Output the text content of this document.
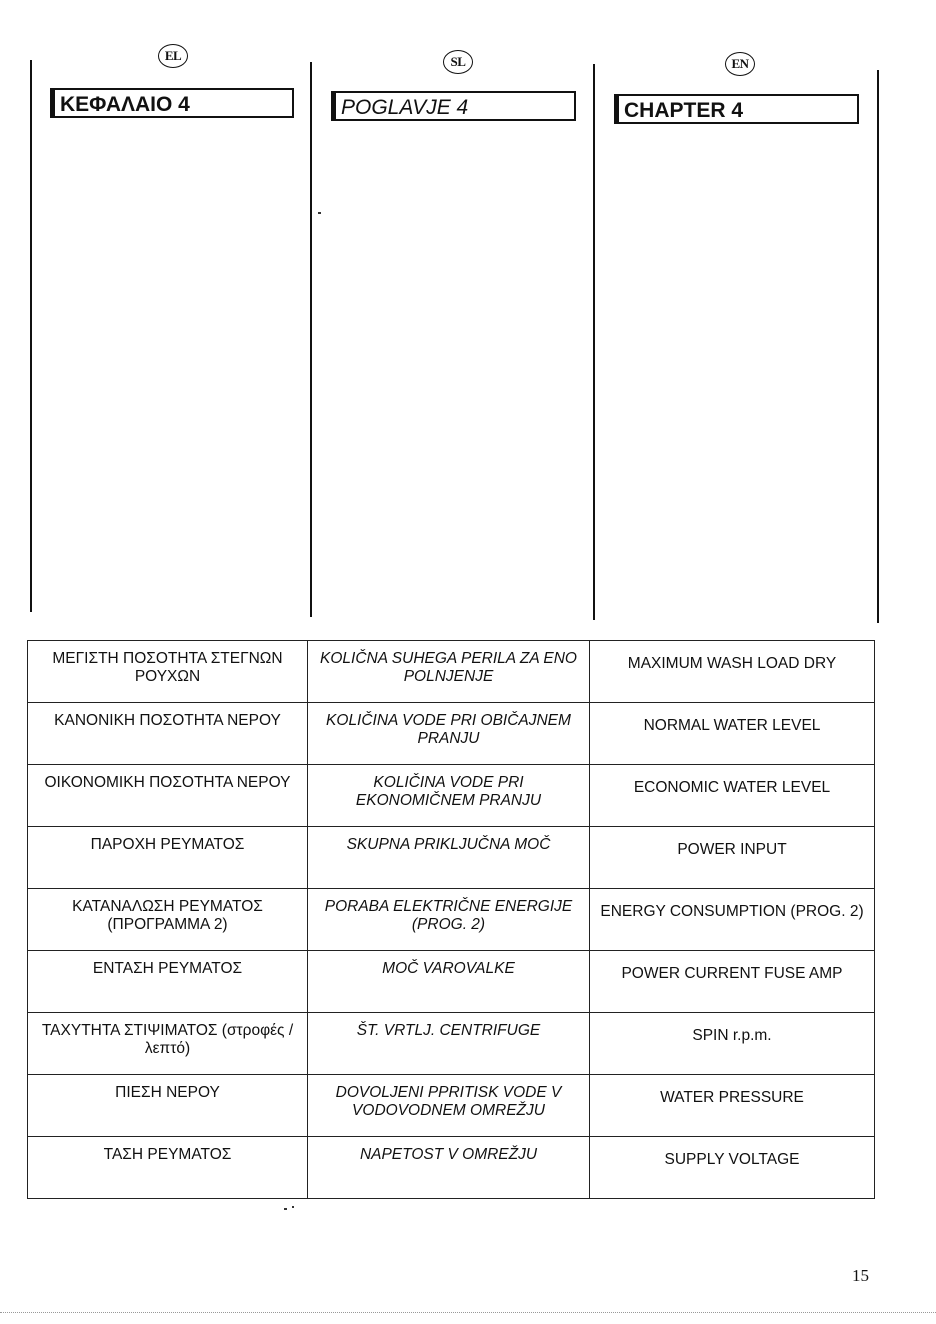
EL	SL	EN
ΚΕΦΑΛΑΙΟ 4	POGLAVJE 4	CHAPTER 4
ΜΕΓΙΣΤΗ ΠΟΣΟΤΗΤΑ ΣΤΕΓΝΩΝ ΡΟΥΧΩΝ	KOLIČNA SUHEGA PERILA ZA ENO POLNJENJE	MAXIMUM WASH LOAD DRY
ΚΑΝΟΝΙΚΗ ΠΟΣΟΤΗΤΑ ΝΕΡΟΥ	KOLIČINA VODE PRI OBIČAJNEM PRANJU	NORMAL WATER LEVEL
ΟΙΚΟΝΟΜΙΚΗ ΠΟΣΟΤΗΤΑ ΝΕΡΟΥ	KOLIČINA VODE PRI EKONOMIČNEM PRANJU	ECONOMIC WATER LEVEL
ΠΑΡΟΧΗ ΡΕΥΜΑΤΟΣ	SKUPNA PRIKLJUČNA MOČ	POWER INPUT
ΚΑΤΑΝΑΛΩΣΗ ΡΕΥΜΑΤΟΣ (ΠΡΟΓΡΑΜΜΑ 2)	PORABA ELEKTRIČNE ENERGIJE (PROG. 2)	ENERGY CONSUMPTION (PROG. 2)
ΕΝΤΑΣΗ ΡΕΥΜΑΤΟΣ	MOČ VAROVALKE	POWER CURRENT FUSE AMP
ΤΑΧΥΤΗΤΑ ΣΤΙΨΙΜΑΤΟΣ (στροφές / λεπτό)	ŠT. VRTLJ. CENTRIFUGE	SPIN r.p.m.
ΠΙΕΣΗ ΝΕΡΟΥ	DOVOLJENI PPRITISK VODE V VODOVODNEM OMREŽJU	WATER PRESSURE
ΤΑΣΗ ΡΕΥΜΑΤΟΣ	NAPETOST V OMREŽJU	SUPPLY VOLTAGE
15
